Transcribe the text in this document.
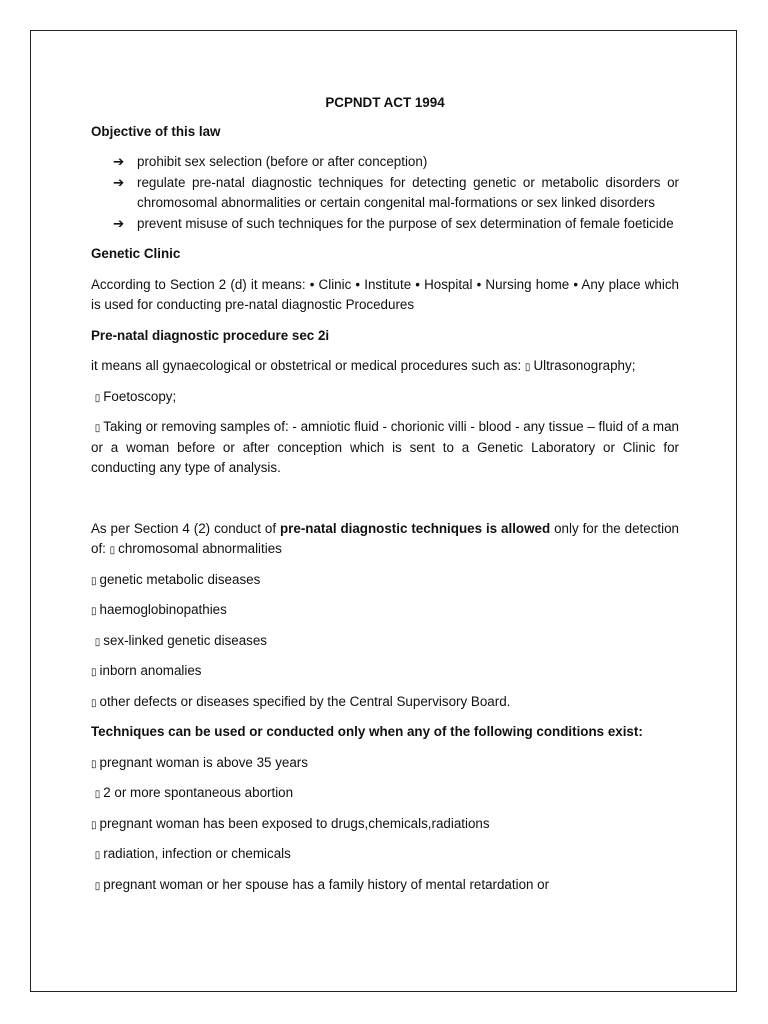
PCPNDT ACT 1994
Objective of this law
➔ prohibit sex selection (before or after conception)
➔ regulate pre-natal diagnostic techniques for detecting genetic or metabolic disorders or chromosomal abnormalities or certain congenital mal-formations or sex linked disorders
➔ prevent misuse of such techniques for the purpose of sex determination of female foeticide
Genetic Clinic

According to Section 2 (d) it means: • Clinic • Institute • Hospital • Nursing home • Any place which is used for conducting pre-natal diagnostic Procedures

Pre-natal diagnostic procedure sec 2i

it means all gynaecological or obstetrical or medical procedures such as: ▯ Ultrasonography;

▯ Foetoscopy;

▯ Taking or removing samples of: - amniotic fluid - chorionic villi - blood - any tissue – fluid of a man or a woman before or after conception which is sent to a Genetic Laboratory or Clinic for conducting any type of analysis.

As per Section 4 (2) conduct of pre-natal diagnostic techniques is allowed only for the detection of: ▯ chromosomal abnormalities

▯ genetic metabolic diseases

▯ haemoglobinopathies

▯ sex-linked genetic diseases

▯ inborn anomalies

▯ other defects or diseases specified by the Central Supervisory Board.

Techniques can be used or conducted only when any of the following conditions exist:

▯ pregnant woman is above 35 years

▯ 2 or more spontaneous abortion

▯ pregnant woman has been exposed to drugs,chemicals,radiations

▯ radiation, infection or chemicals

▯ pregnant woman or her spouse has a family history of mental retardation or
